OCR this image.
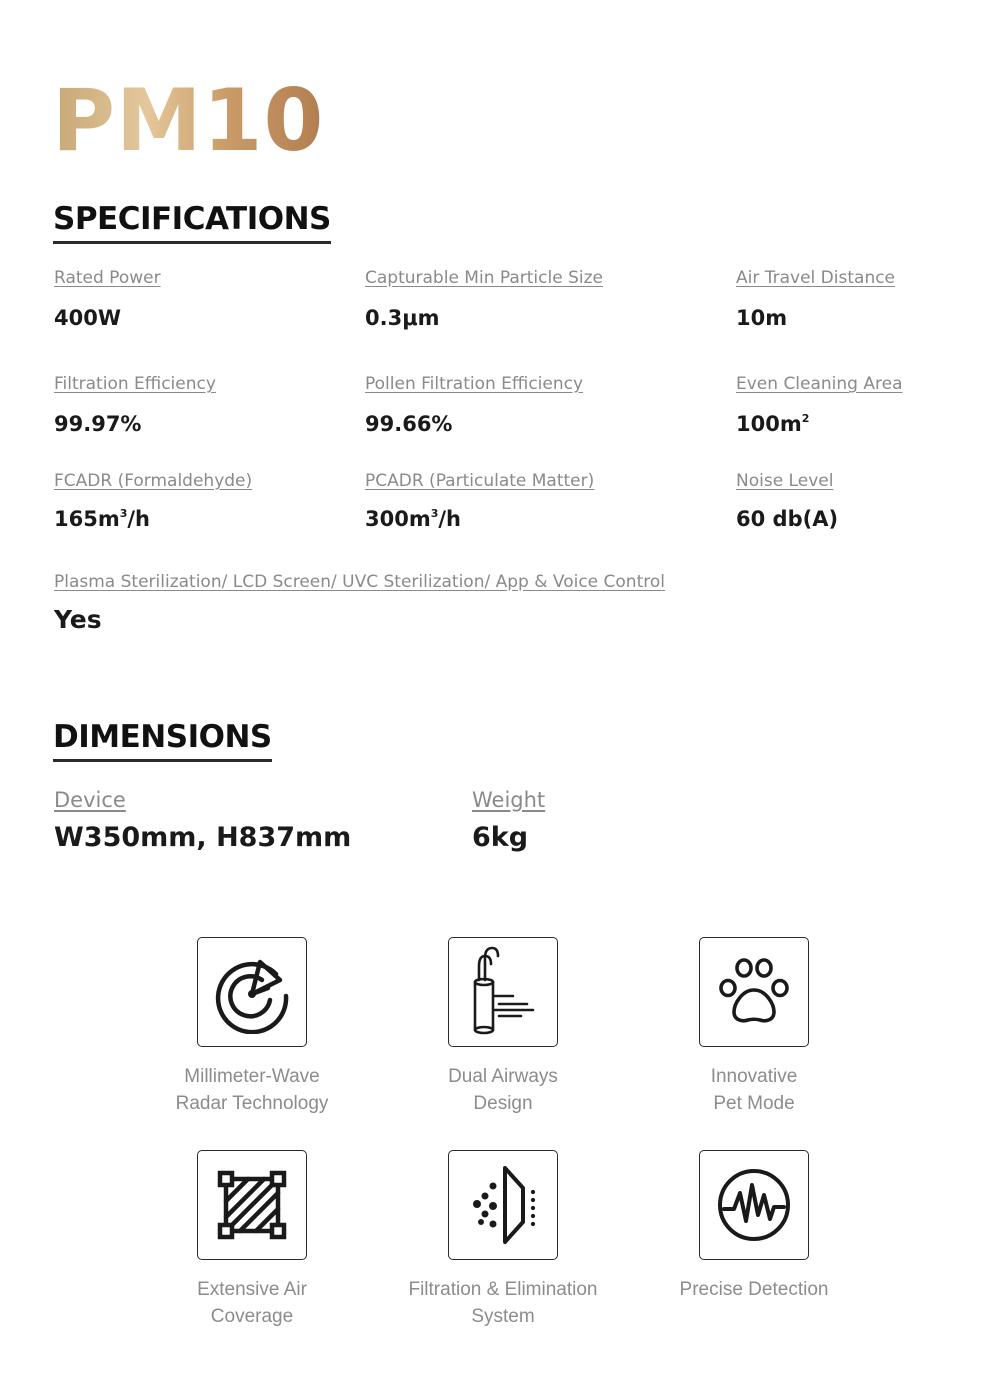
PM10
SPECIFICATIONS
Rated Power
400W
Capturable Min Particle Size
0.3μm
Air Travel Distance
10m
Filtration Efficiency
99.97%
Pollen Filtration Efficiency
99.66%
Even Cleaning Area
$100m^2$
FCADR (Formaldehyde)
$165m^3/h$
PCADR (Particulate Matter)
$300m^3/h$
Noise Level
60 db(A)
Plasma Sterilization/ LCD Screen/ UVC Sterilization/ App & Voice Control
Yes
DIMENSIONS
Device
W350mm, H837mm
Weight
6kg
Millimeter-Wave
Radar Technology
Dual Airways
Design
Innovative
Pet Mode
Extensive Air
Coverage
Filtration & Elimination
System
Precise Detection
